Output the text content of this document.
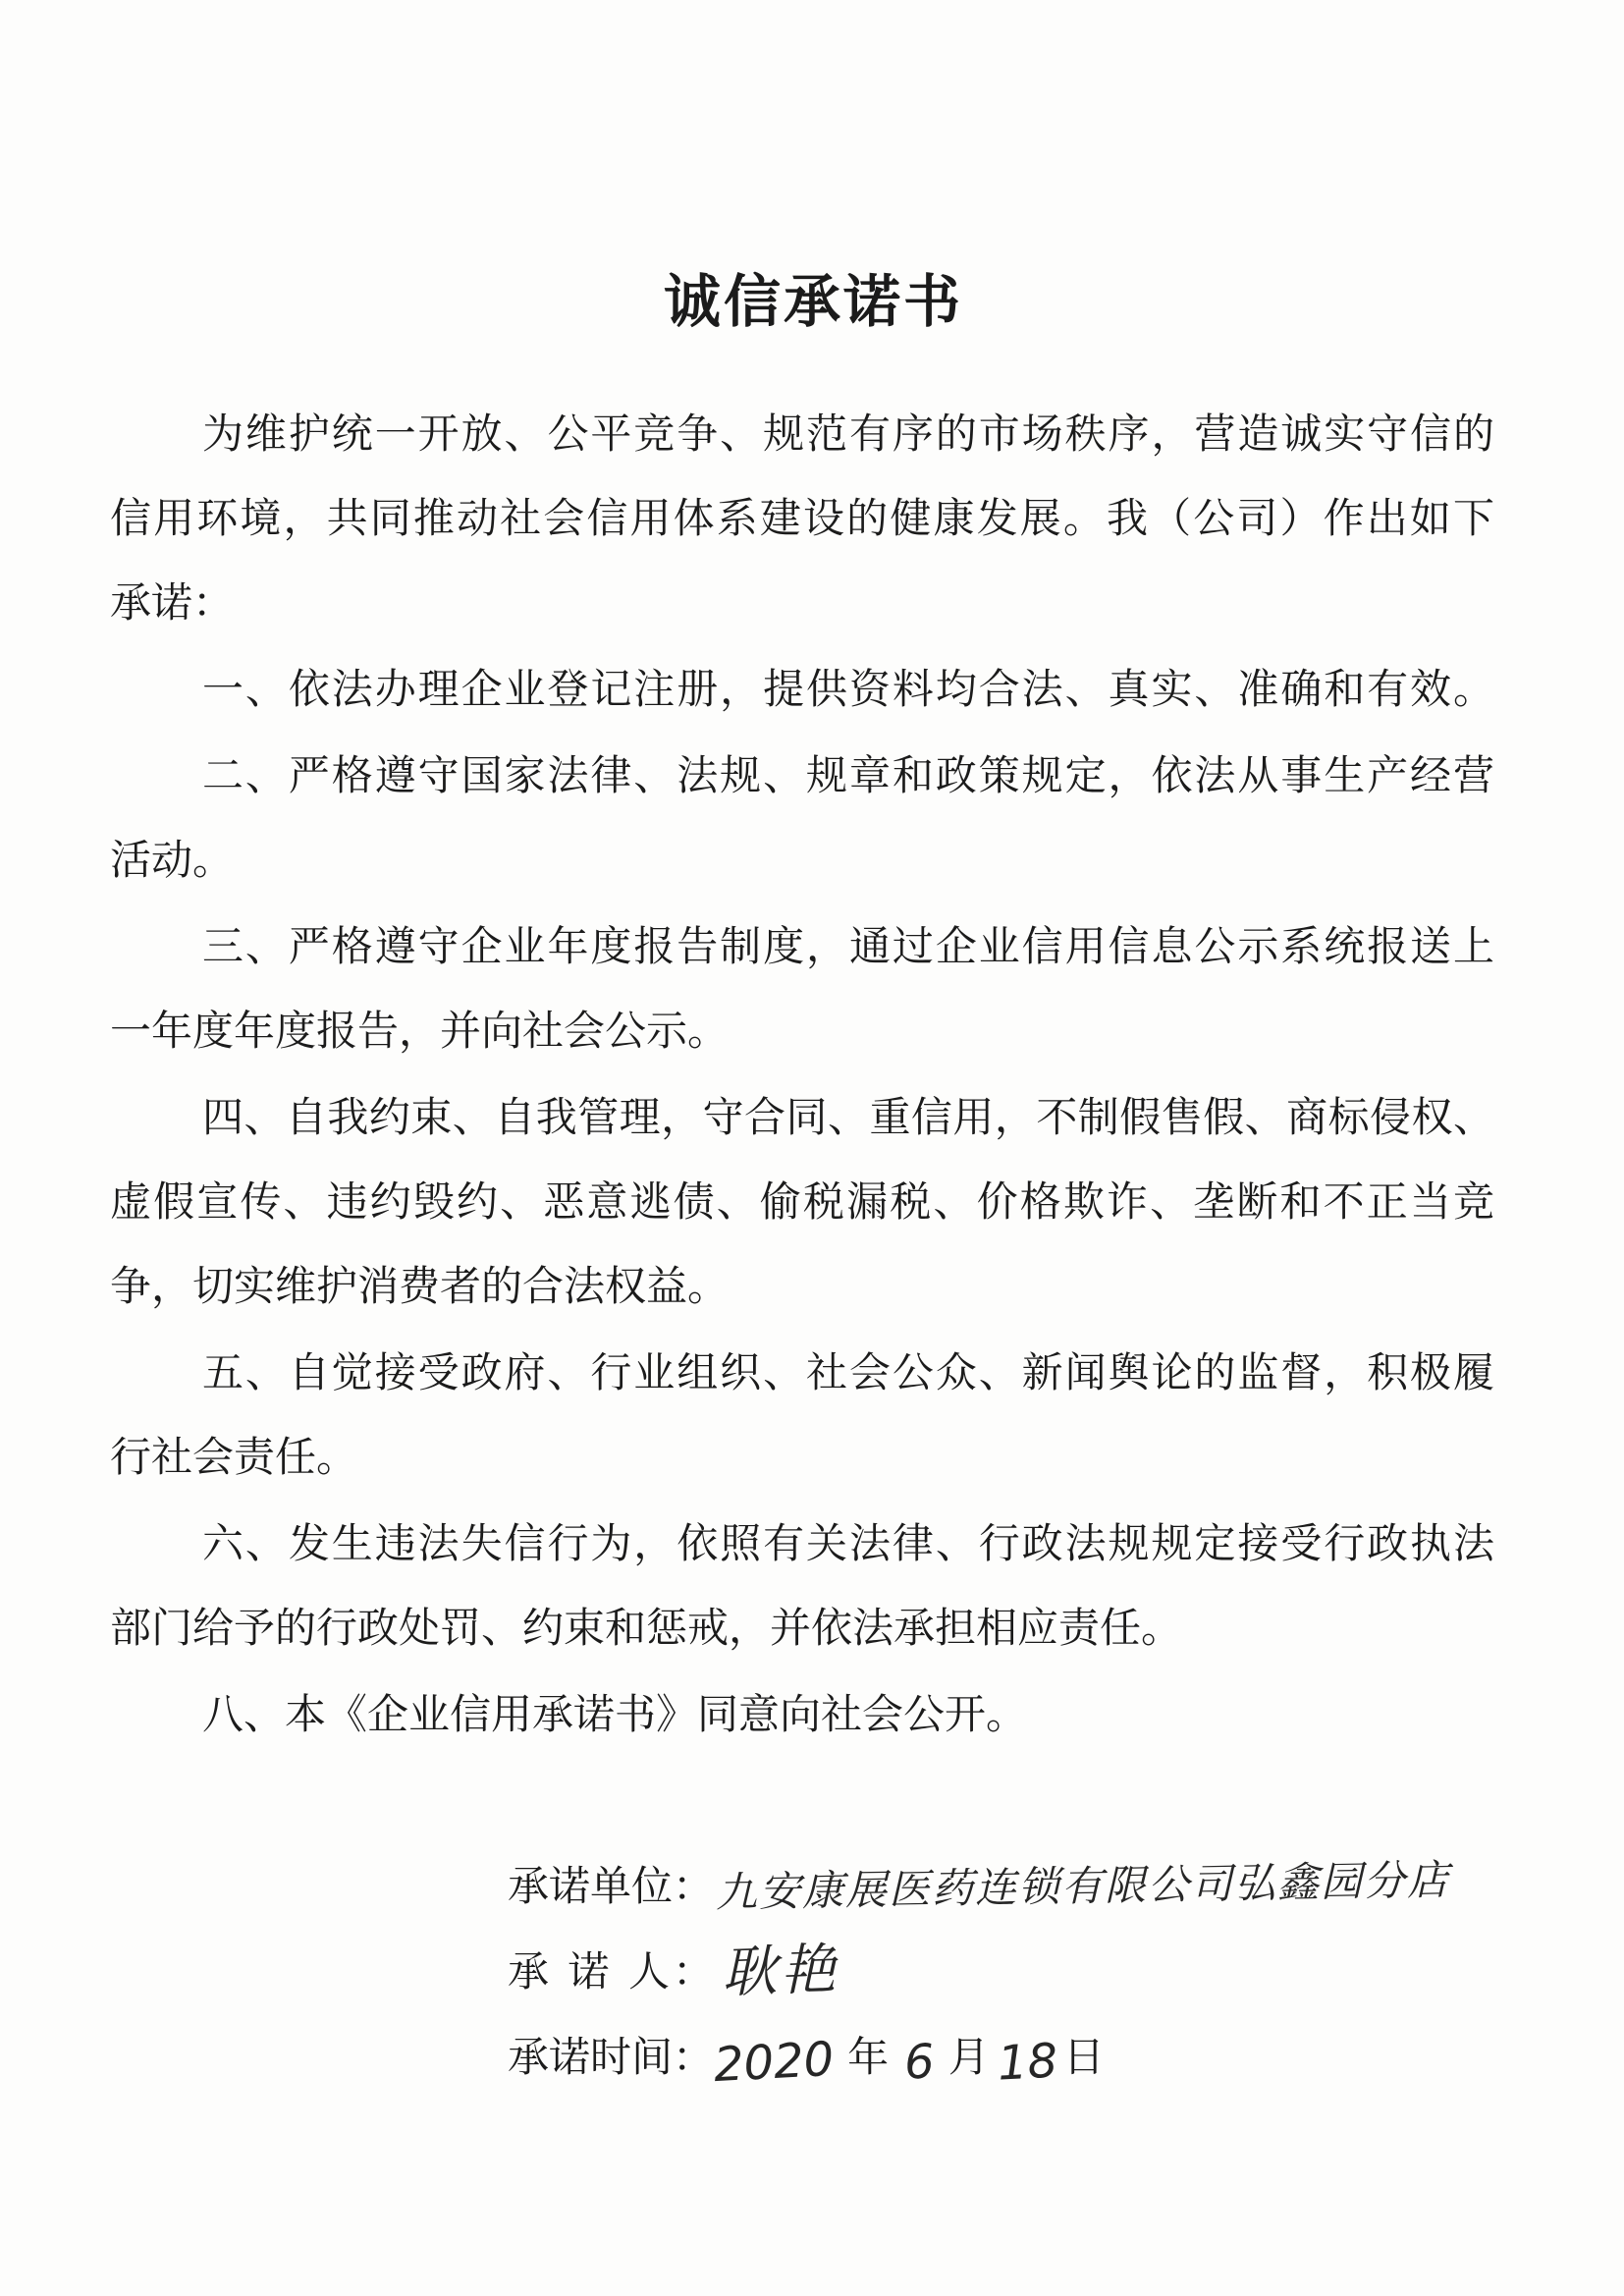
诚信承诺书
为维护统一开放、公平竞争、规范有序的市场秩序，营造诚实守信的
信用环境，共同推动社会信用体系建设的健康发展。我（公司）作出如下
承诺：
一、依法办理企业登记注册，提供资料均合法、真实、准确和有效。
二、严格遵守国家法律、法规、规章和政策规定，依法从事生产经营
活动。
三、严格遵守企业年度报告制度，通过企业信用信息公示系统报送上
一年度年度报告，并向社会公示。
四、自我约束、自我管理，守合同、重信用，不制假售假、商标侵权、
虚假宣传、违约毁约、恶意逃债、偷税漏税、价格欺诈、垄断和不正当竞
争，切实维护消费者的合法权益。
五、自觉接受政府、行业组织、社会公众、新闻舆论的监督，积极履
行社会责任。
六、发生违法失信行为，依照有关法律、行政法规规定接受行政执法
部门给予的行政处罚、约束和惩戒，并依法承担相应责任。
八、本《企业信用承诺书》同意向社会公开。
承诺单位： 九安康展医药连锁有限公司弘鑫园分店
承 诺 人： 耿艳
承诺时间：
2020 年 6 月 18 日
